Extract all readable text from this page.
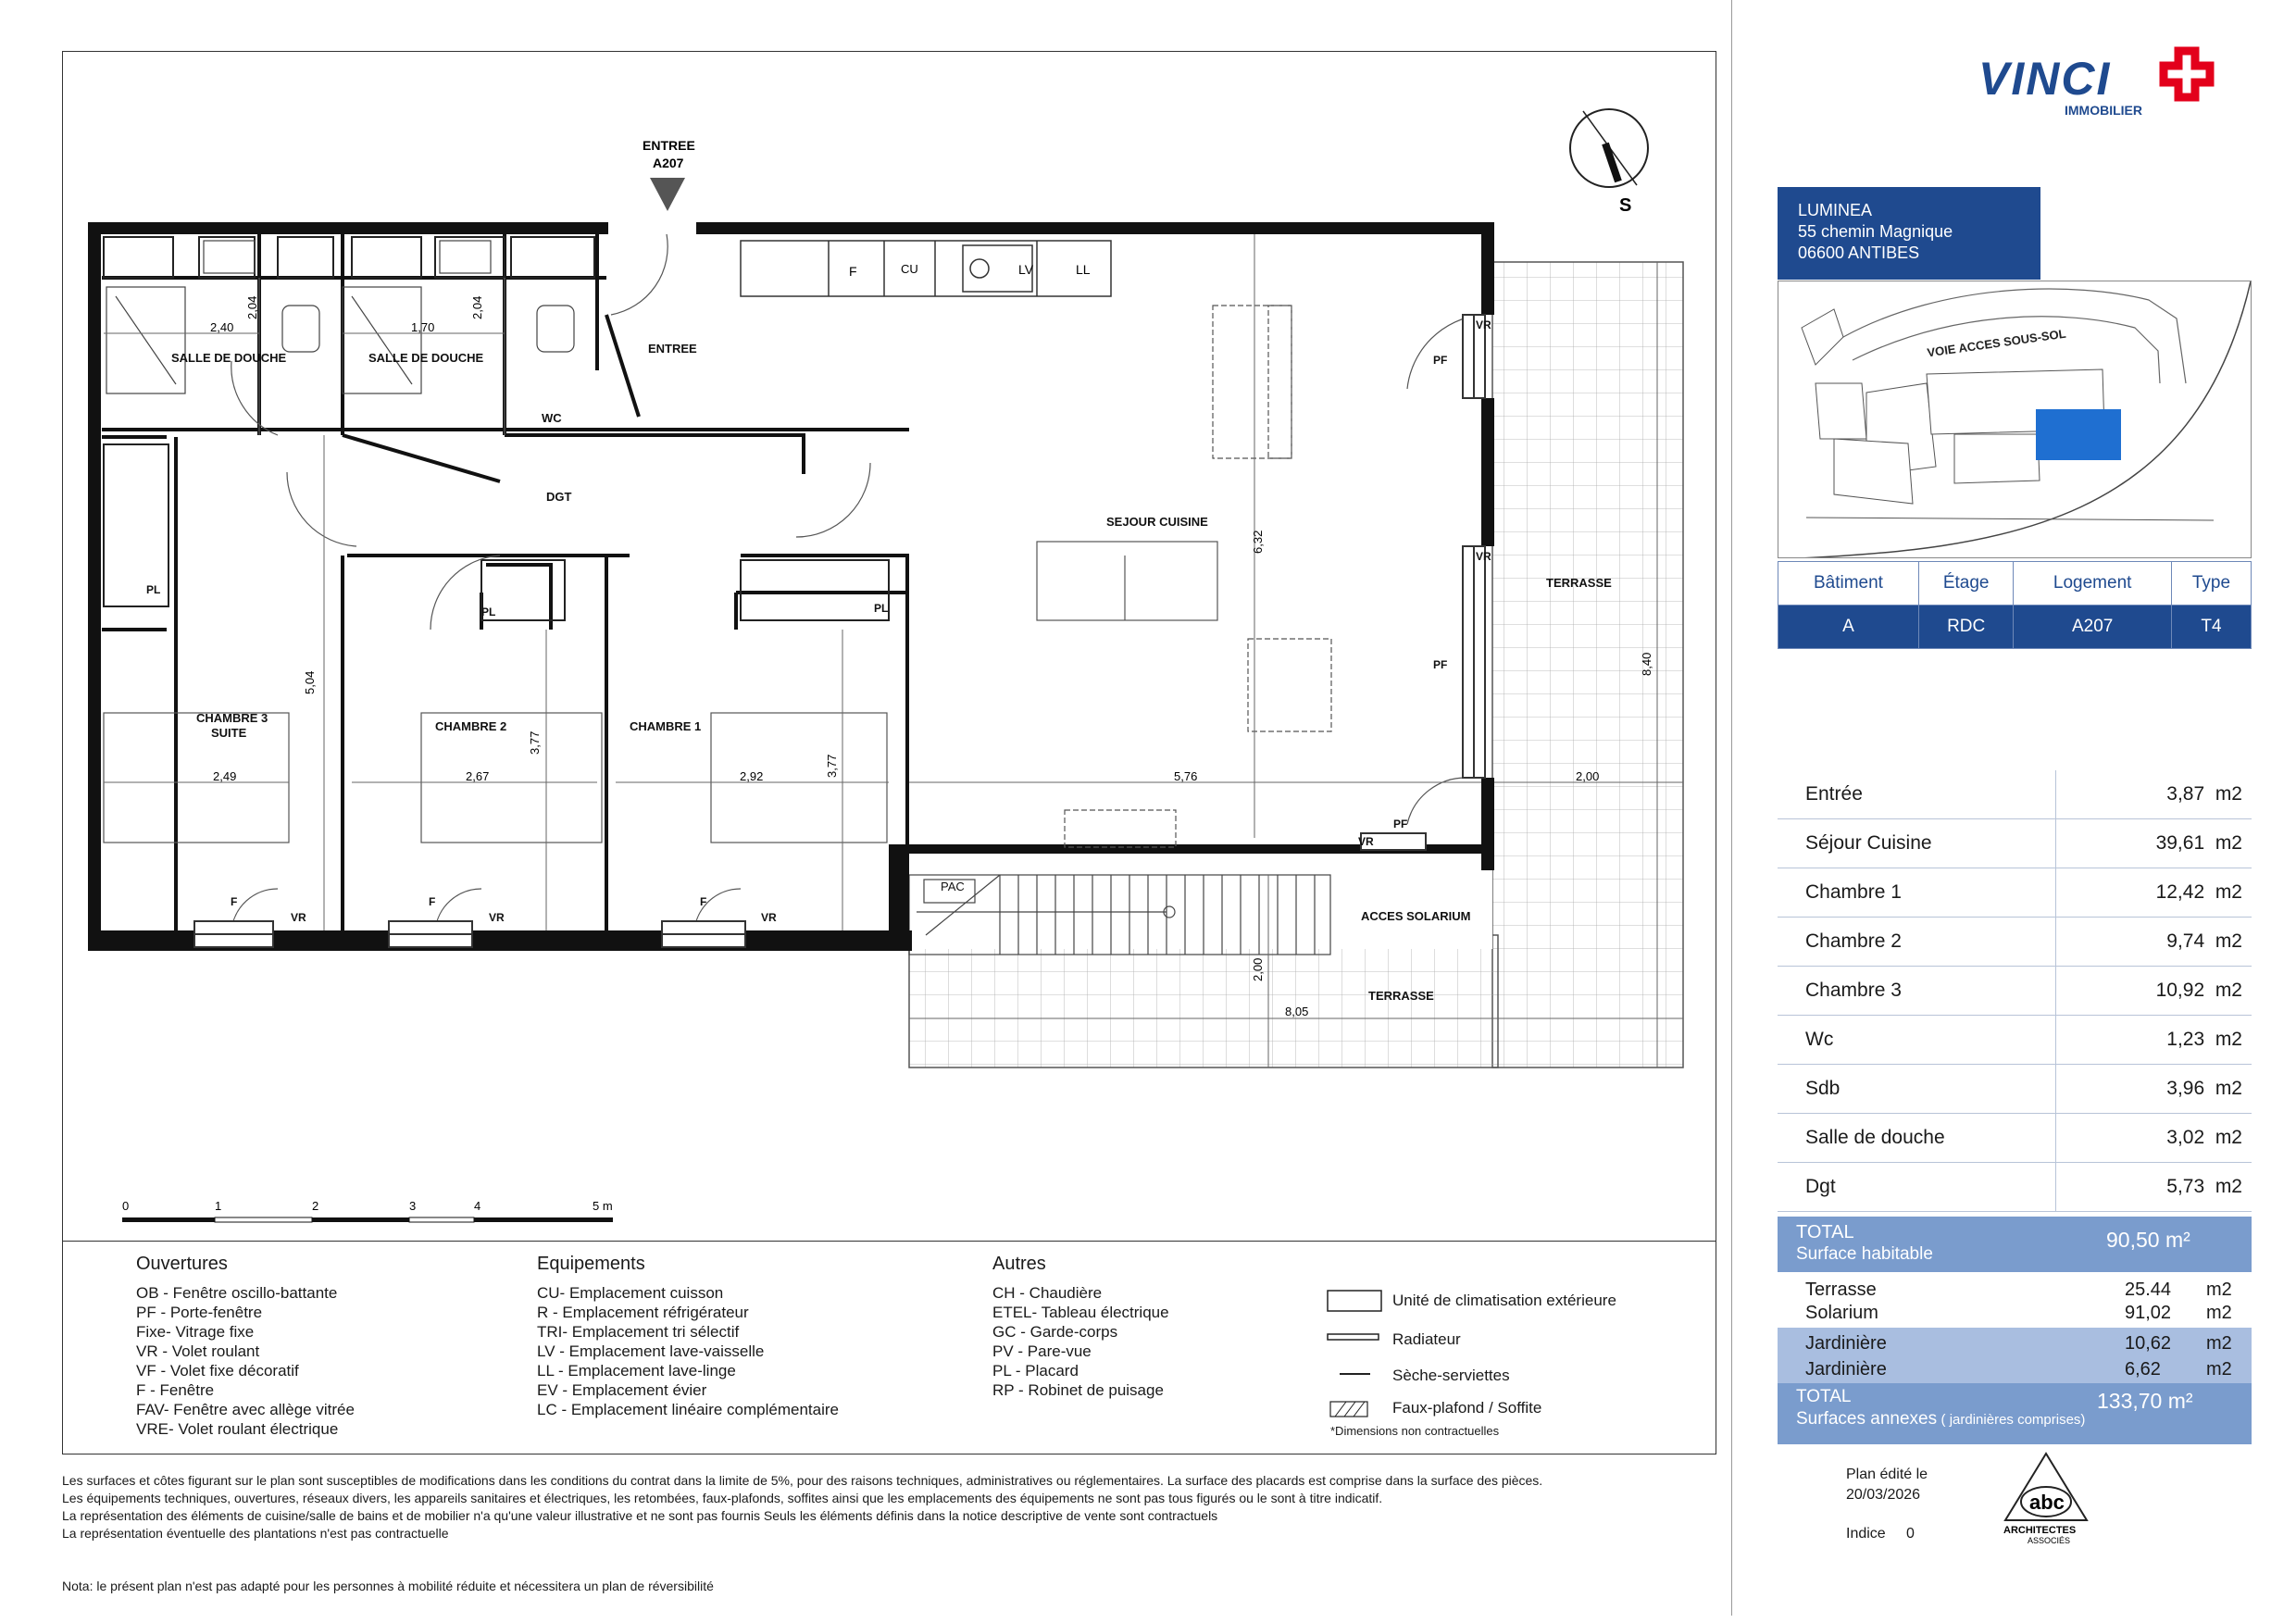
VINCI
IMMOBILIER
LUMINEA
55 chemin Magnique
06600 ANTIBES
VOIE ACCES SOUS-SOL
Bâtiment	Étage	Logement	Type
A	RDC	A207	T4
Entrée	3,87 m2
Séjour Cuisine	39,61 m2
Chambre 1	12,42 m2
Chambre 2	9,74 m2
Chambre 3	10,92 m2
Wc	1,23 m2
Sdb	3,96 m2
Salle de douche	3,02 m2
Dgt	5,73 m2
TOTAL
Surface habitable
90,50 m²
Terrasse	25.44 m2
Solarium	91,02 m2
Jardinière	10,62 m2
Jardinière	6,62 m2
TOTAL
Surfaces annexes ( jardinières comprises)
133,70 m²
S
ENTREE
A207
PAC
F	CU	LV	LL
2,40
2,04
1,70
2,04
6,32
8,40
5,04
2,49	2,67
3,77
2,92	3,77	5,76	2,00
2,00
8,05
SALLE DE DOUCHE	SALLE DE DOUCHE
ENTREE
WC
DGT
SEJOUR CUISINE
TERRASSE
TERRASSE
CHAMBRE 3
SUITE	CHAMBRE 2	CHAMBRE 1
ACCES SOLARIUM
PL
PL	PL
PF
PF
PF
VR
VR
VR
VR	VR	VR
F	F	F
0	1	2	3	4	5 m
Ouvertures
OB - Fenêtre oscillo-battante
PF - Porte-fenêtre
Fixe- Vitrage fixe
VR - Volet roulant
VF - Volet fixe décoratif
F - Fenêtre
FAV- Fenêtre avec allège vitrée
VRE- Volet roulant électrique
Equipements
CU- Emplacement cuisson
R - Emplacement réfrigérateur
TRI- Emplacement tri sélectif
LV - Emplacement lave-vaisselle
LL - Emplacement lave-linge
EV - Emplacement évier
LC - Emplacement linéaire complémentaire
Autres
CH - Chaudière
ETEL- Tableau électrique
GC - Garde-corps
PV - Pare-vue
PL - Placard
RP - Robinet de puisage
Unité de climatisation extérieure
Radiateur
Sèche-serviettes
Faux-plafond / Soffite
*Dimensions non contractuelles
Les surfaces et côtes figurant sur le plan sont susceptibles de modifications dans les conditions du contrat dans la limite de 5%, pour des raisons techniques, administratives ou réglementaires. La surface des placards est comprise dans la surface des pièces.
Les équipements techniques, ouvertures, réseaux divers, les appareils sanitaires et électriques, les retombées, faux-plafonds, soffites ainsi que les emplacements des équipements ne sont pas tous figurés ou le sont à titre indicatif.
La représentation des éléments de cuisine/salle de bains et de mobilier n'a qu'une valeur illustrative et ne sont pas fournis Seuls les éléments définis dans la notice descriptive de vente sont contractuels
La représentation éventuelle des plantations n'est pas contractuelle
Nota: le présent plan n'est pas adapté pour les personnes à mobilité réduite et nécessitera un plan de réversibilité
Plan édité le
20/03/2026
Indice 0
abc
ARCHITECTES
ASSOCIÉS
